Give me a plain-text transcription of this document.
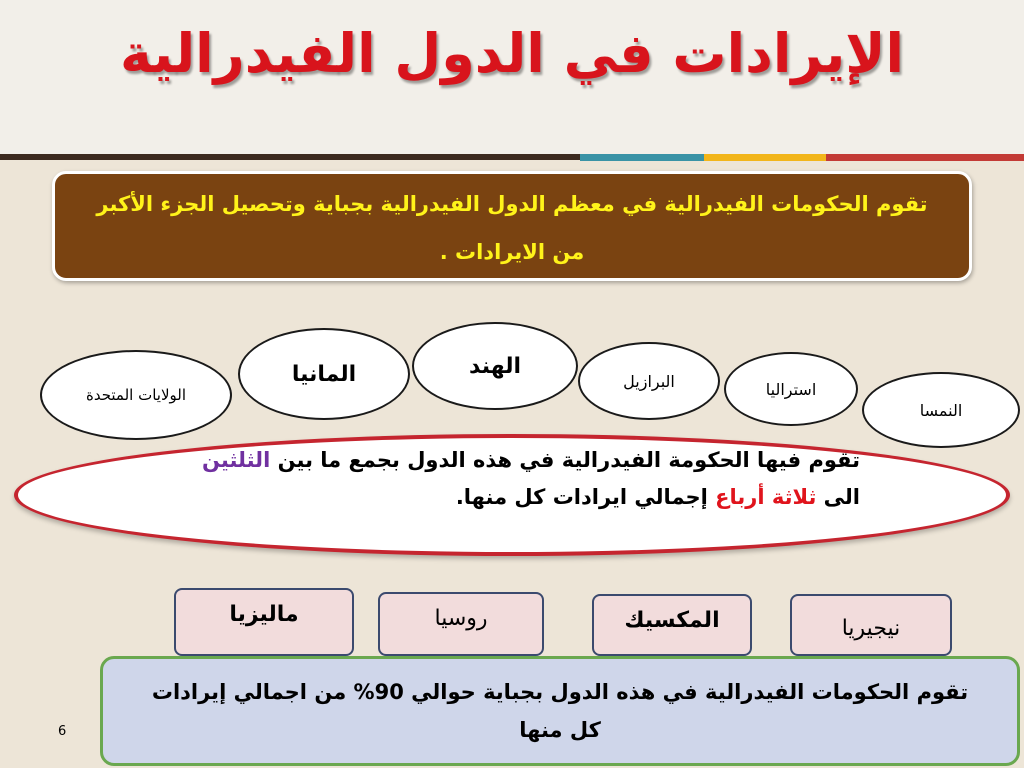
الإيرادات في الدول الفيدرالية
تقوم الحكومات الفيدرالية في معظم الدول الفيدرالية بجباية وتحصيل الجزء الأكبر من الايرادات .
الولايات المتحدة
المانيا	الهند
البرازيل	استراليا
النمسا
تقوم فيها الحكومة الفيدرالية في هذه الدول بجمع ما بين الثلثين الى ثلاثة أرباع إجمالي ايرادات كل منها.
ماليزيا	روسيا	المكسيك	نيجيريا
تقوم الحكومات الفيدرالية في هذه الدول بجباية حوالي 90% من اجمالي إيرادات كل منها
6
